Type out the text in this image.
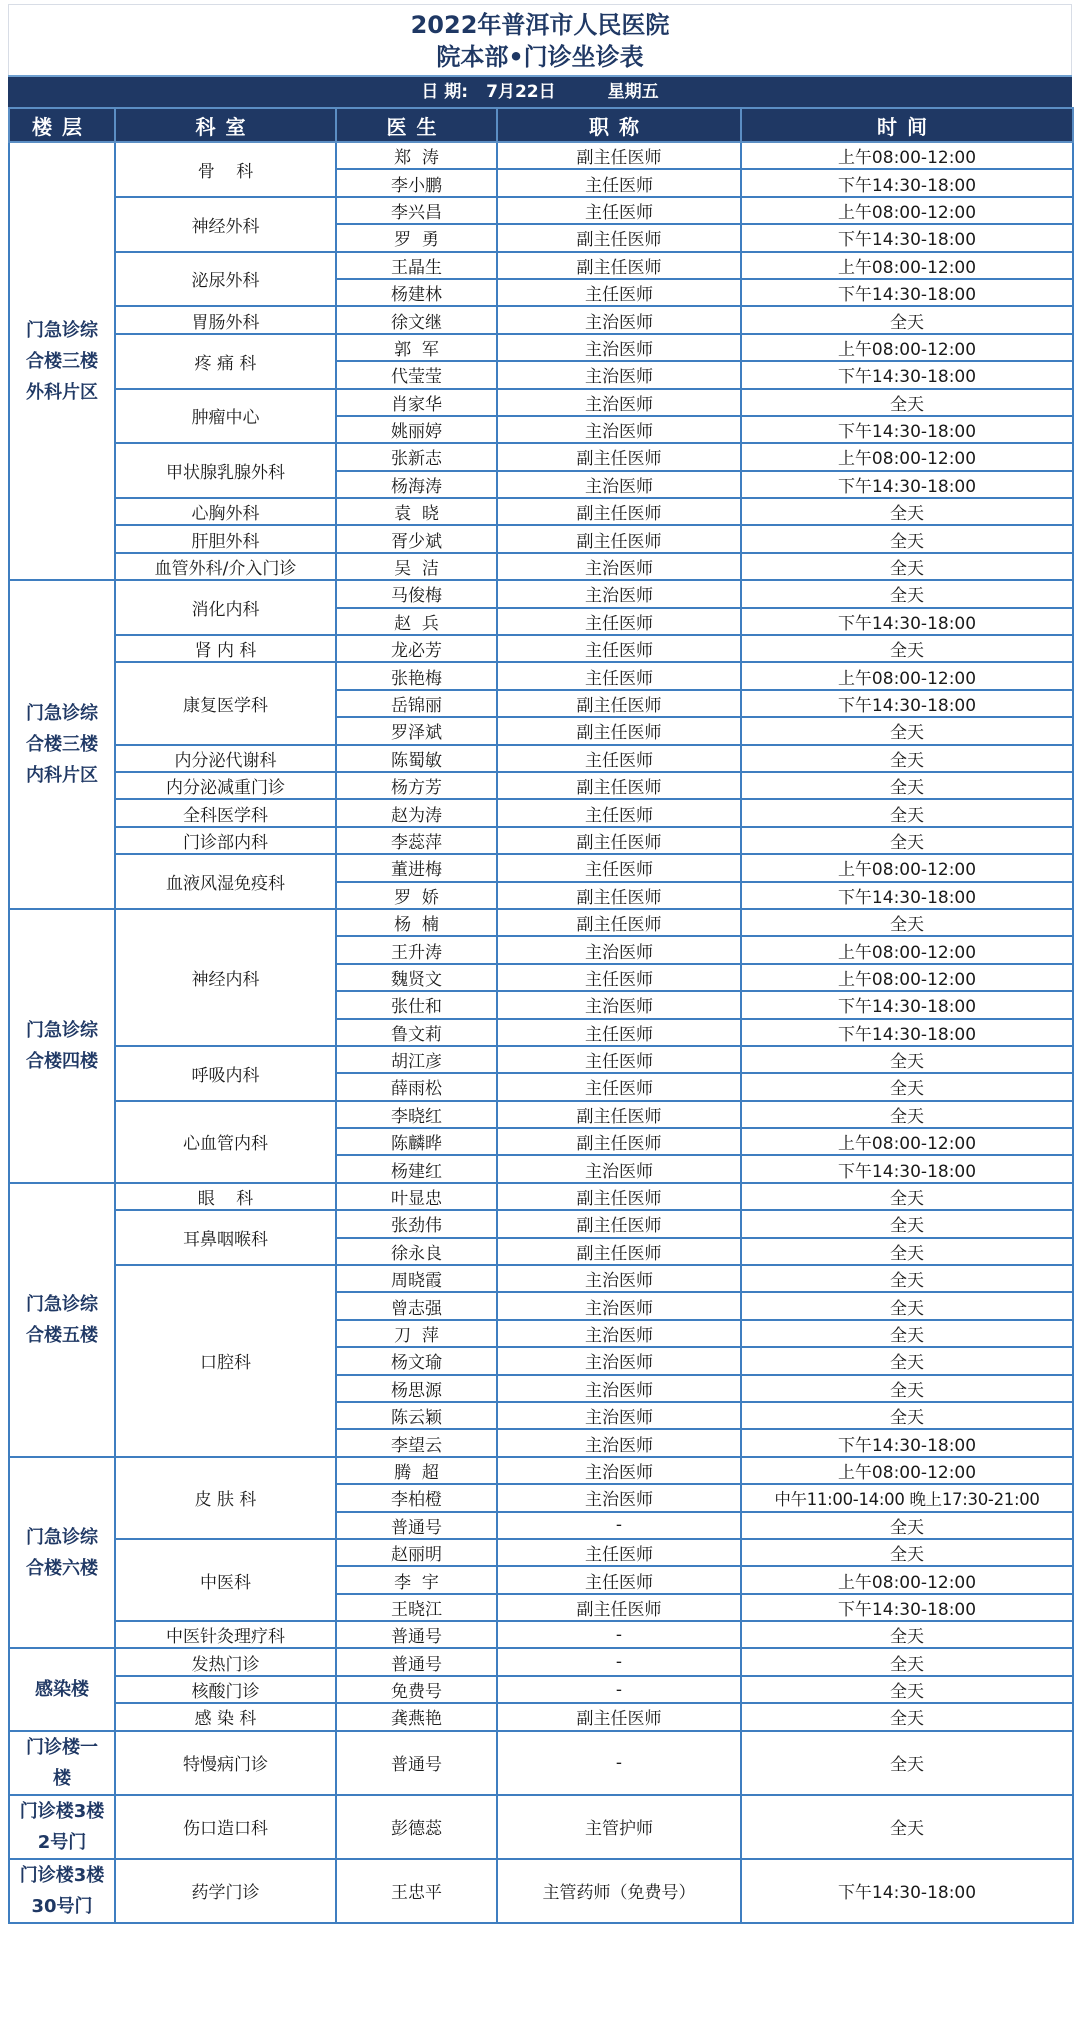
2022年普洱市人民医院
院本部•门诊坐诊表
日 期: 7月22日	星期五
楼层	科室	医生	职称	时间

门急诊综
合楼三楼
外科片区	骨    科	郑  涛	副主任医师	上午08:00-12:00
		李小鹏	主任医师	下午14:30-18:00
	神经外科	李兴昌	主任医师	上午08:00-12:00
		罗  勇	副主任医师	下午14:30-18:00
	泌尿外科	王晶生	副主任医师	上午08:00-12:00
		杨建林	主任医师	下午14:30-18:00
	胃肠外科	徐文继	主治医师	全天
	疼 痛 科	郭  军	主治医师	上午08:00-12:00
		代莹莹	主治医师	下午14:30-18:00
	肿瘤中心	肖家华	主治医师	全天
		姚丽婷	主治医师	下午14:30-18:00
	甲状腺乳腺外科	张新志	副主任医师	上午08:00-12:00
		杨海涛	主治医师	下午14:30-18:00
	心胸外科	袁  晓	副主任医师	全天
	肝胆外科	胥少斌	副主任医师	全天
	血管外科/介入门诊	吴  洁	主治医师	全天

门急诊综
合楼三楼
内科片区	消化内科	马俊梅	主治医师	全天
		赵  兵	主任医师	下午14:30-18:00
	肾 内 科	龙必芳	主任医师	全天
	康复医学科	张艳梅	主任医师	上午08:00-12:00
		岳锦丽	副主任医师	下午14:30-18:00
		罗泽斌	副主任医师	全天
	内分泌代谢科	陈蜀敏	主任医师	全天
	内分泌减重门诊	杨方芳	副主任医师	全天
	全科医学科	赵为涛	主任医师	全天
	门诊部内科	李蕊萍	副主任医师	全天
	血液风湿免疫科	董进梅	主任医师	上午08:00-12:00
		罗  娇	副主任医师	下午14:30-18:00

门急诊综
合楼四楼	神经内科	杨  楠	副主任医师	全天
		王升涛	主治医师	上午08:00-12:00
		魏贤文	主任医师	上午08:00-12:00
		张仕和	主治医师	下午14:30-18:00
		鲁文莉	主任医师	下午14:30-18:00
	呼吸内科	胡江彦	主任医师	全天
		薛雨松	主任医师	全天
	心血管内科	李晓红	副主任医师	全天
		陈麟晔	副主任医师	上午08:00-12:00
		杨建红	主治医师	下午14:30-18:00

门急诊综
合楼五楼	眼    科	叶显忠	副主任医师	全天
	耳鼻咽喉科	张劲伟	副主任医师	全天
		徐永良	副主任医师	全天
	口腔科	周晓霞	主治医师	全天
		曾志强	主治医师	全天
		刀  萍	主治医师	全天
		杨文瑜	主治医师	全天
		杨思源	主治医师	全天
		陈云颖	主治医师	全天
		李望云	主治医师	下午14:30-18:00

门急诊综
合楼六楼	皮 肤 科	腾  超	主治医师	上午08:00-12:00
		李柏橙	主治医师	中午11:00-14:00 晚上17:30-21:00
		普通号	-	全天
	中医科	赵丽明	主任医师	全天
		李  宇	主任医师	上午08:00-12:00
		王晓江	副主任医师	下午14:30-18:00
	中医针灸理疗科	普通号	-	全天

感染楼	发热门诊	普通号	-	全天
	核酸门诊	免费号	-	全天
	感 染 科	龚燕艳	副主任医师	全天

门诊楼一
楼	特慢病门诊	普通号	-	全天

门诊楼3楼
2号门	伤口造口科	彭德蕊	主管护师	全天

门诊楼3楼
30号门	药学门诊	王忠平	主管药师（免费号）	下午14:30-18:00
